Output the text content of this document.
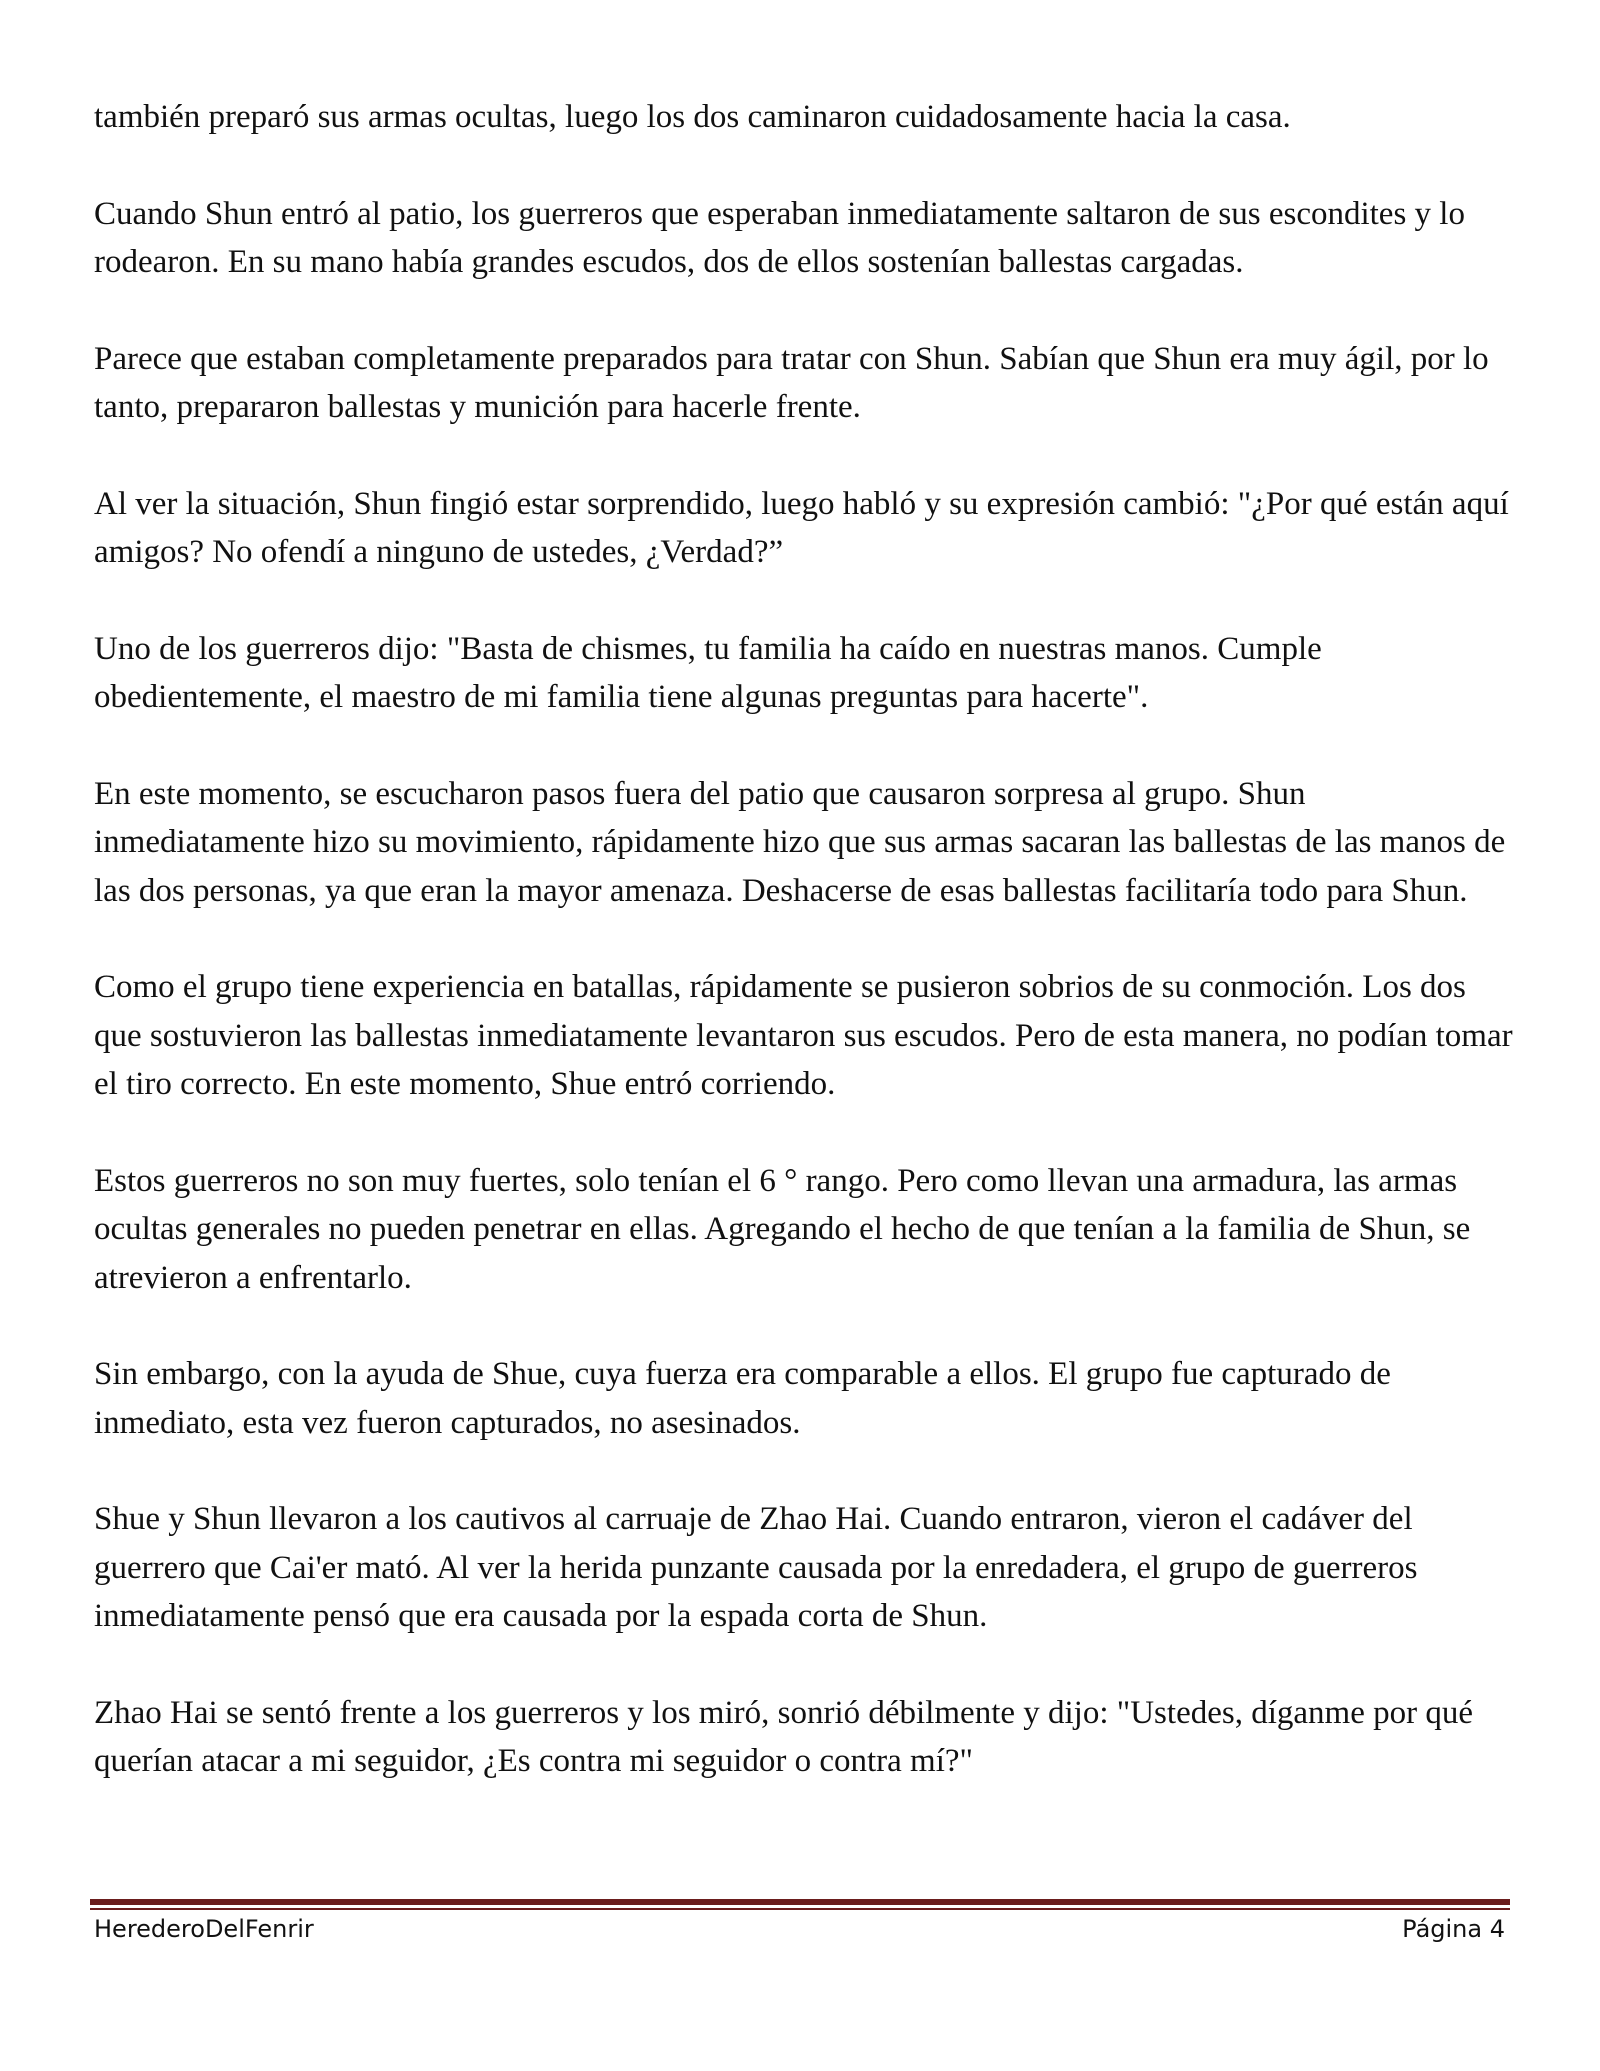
también preparó sus armas ocultas, luego los dos caminaron cuidadosamente hacia la casa.

Cuando Shun entró al patio, los guerreros que esperaban inmediatamente saltaron de sus escondites y lo rodearon. En su mano había grandes escudos, dos de ellos sostenían ballestas cargadas.

Parece que estaban completamente preparados para tratar con Shun. Sabían que Shun era muy ágil, por lo tanto, prepararon ballestas y munición para hacerle frente.

Al ver la situación, Shun fingió estar sorprendido, luego habló y su expresión cambió: "¿Por qué están aquí amigos? No ofendí a ninguno de ustedes, ¿Verdad?”

Uno de los guerreros dijo: "Basta de chismes, tu familia ha caído en nuestras manos. Cumple obedientemente, el maestro de mi familia tiene algunas preguntas para hacerte".

En este momento, se escucharon pasos fuera del patio que causaron sorpresa al grupo. Shun inmediatamente hizo su movimiento, rápidamente hizo que sus armas sacaran las ballestas de las manos de las dos personas, ya que eran la mayor amenaza. Deshacerse de esas ballestas facilitaría todo para Shun.

Como el grupo tiene experiencia en batallas, rápidamente se pusieron sobrios de su conmoción. Los dos que sostuvieron las ballestas inmediatamente levantaron sus escudos. Pero de esta manera, no podían tomar el tiro correcto. En este momento, Shue entró corriendo.

Estos guerreros no son muy fuertes, solo tenían el 6 ° rango. Pero como llevan una armadura, las armas ocultas generales no pueden penetrar en ellas. Agregando el hecho de que tenían a la familia de Shun, se atrevieron a enfrentarlo.

Sin embargo, con la ayuda de Shue, cuya fuerza era comparable a ellos. El grupo fue capturado de inmediato, esta vez fueron capturados, no asesinados.

Shue y Shun llevaron a los cautivos al carruaje de Zhao Hai. Cuando entraron, vieron el cadáver del guerrero que Cai'er mató. Al ver la herida punzante causada por la enredadera, el grupo de guerreros inmediatamente pensó que era causada por la espada corta de Shun.

Zhao Hai se sentó frente a los guerreros y los miró, sonrió débilmente y dijo: "Ustedes, díganme por qué querían atacar a mi seguidor, ¿Es contra mi seguidor o contra mí?"

HerederoDelFenrir	Página 4
